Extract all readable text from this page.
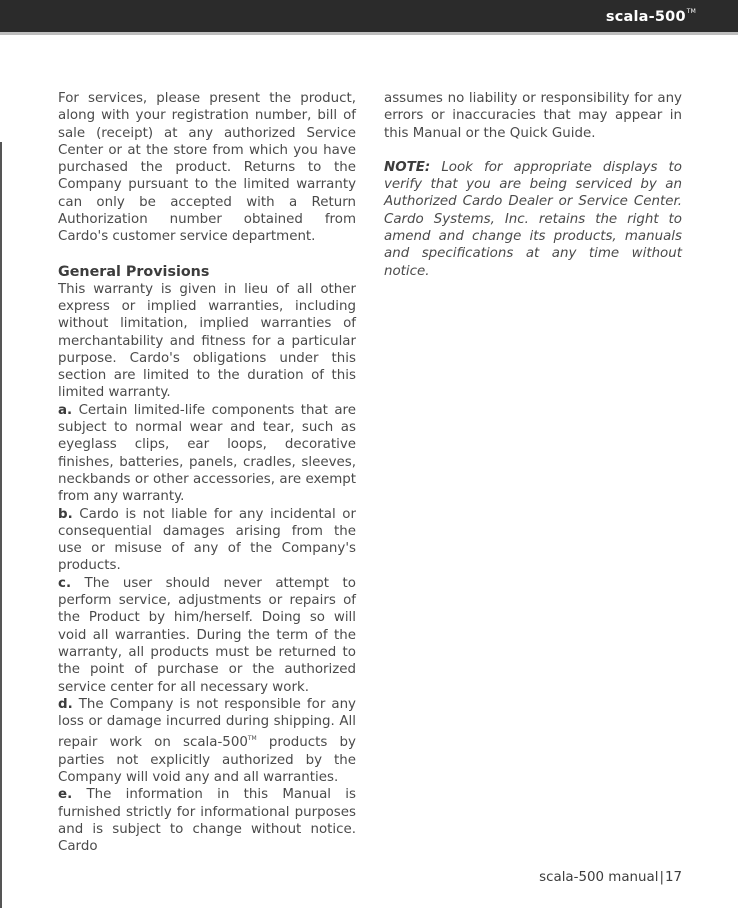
scala-500™

For services, please present the product, along with your registration number, bill of sale (receipt) at any authorized Service Center or at the store from which you have purchased the product. Returns to the Company pursuant to the limited warranty can only be accepted with a Return Authorization number obtained from Cardo's customer service department.

General Provisions

This warranty is given in lieu of all other express or implied warranties, including without limitation, implied warranties of merchantability and fitness for a particular purpose. Cardo's obligations under this section are limited to the duration of this limited warranty.

a. Certain limited-life components that are subject to normal wear and tear, such as eyeglass clips, ear loops, decorative finishes, batteries, panels, cradles, sleeves, neckbands or other accessories, are exempt from any warranty.

b. Cardo is not liable for any incidental or consequential damages arising from the use or misuse of any of the Company's products.

c. The user should never attempt to perform service, adjustments or repairs of the Product by him/herself. Doing so will void all warranties. During the term of the warranty, all products must be returned to the point of purchase or the authorized service center for all necessary work.

d. The Company is not responsible for any loss or damage incurred during shipping. All repair work on scala-500™ products by parties not explicitly authorized by the Company will void any and all warranties.

e. The information in this Manual is furnished strictly for informational purposes and is subject to change without notice. Cardo

assumes no liability or responsibility for any errors or inaccuracies that may appear in this Manual or the Quick Guide.

NOTE: Look for appropriate displays to verify that you are being serviced by an Authorized Cardo Dealer or Service Center. Cardo Systems, Inc. retains the right to amend and change its products, manuals and specifications at any time without notice.

scala-500 manual|17
